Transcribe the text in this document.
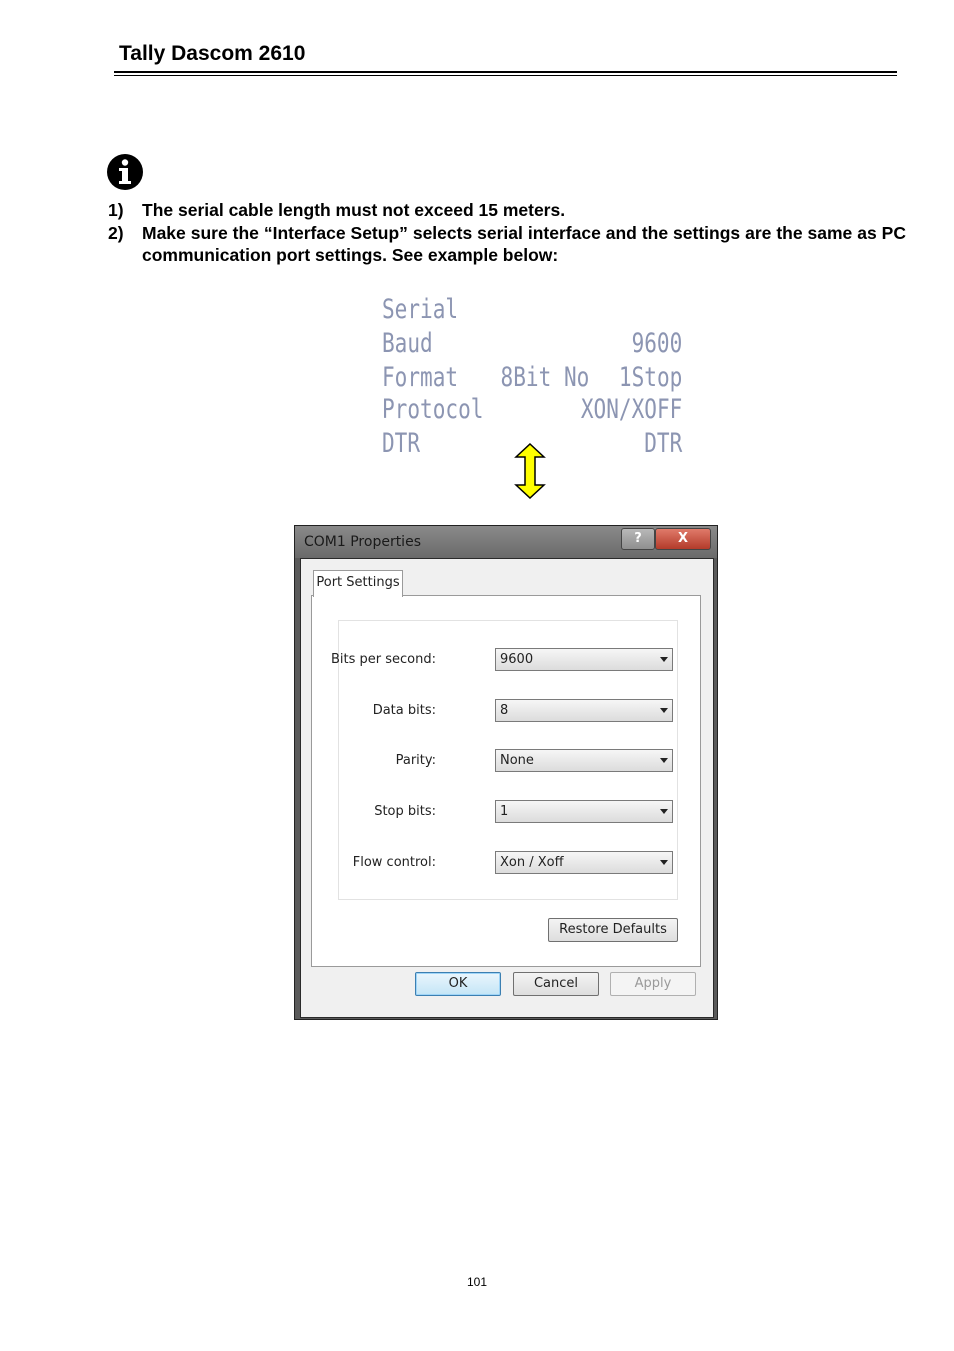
Tally Dascom 2610
1) The serial cable length must not exceed 15 meters.
2) Make sure the “Interface Setup” selects serial interface and the settings are the same as PC communication port settings. See example below:
Serial
Baud	9600
Format 8Bit No 1Stop
Protocol	XON/XOFF
DTR	DTR
COM1 Properties	?	X
Port Settings
Bits per second:	9600
Data bits:	8
Parity:	None
Stop bits:	1
Flow control:	Xon / Xoff
Restore Defaults
OK	Cancel	Apply
101
